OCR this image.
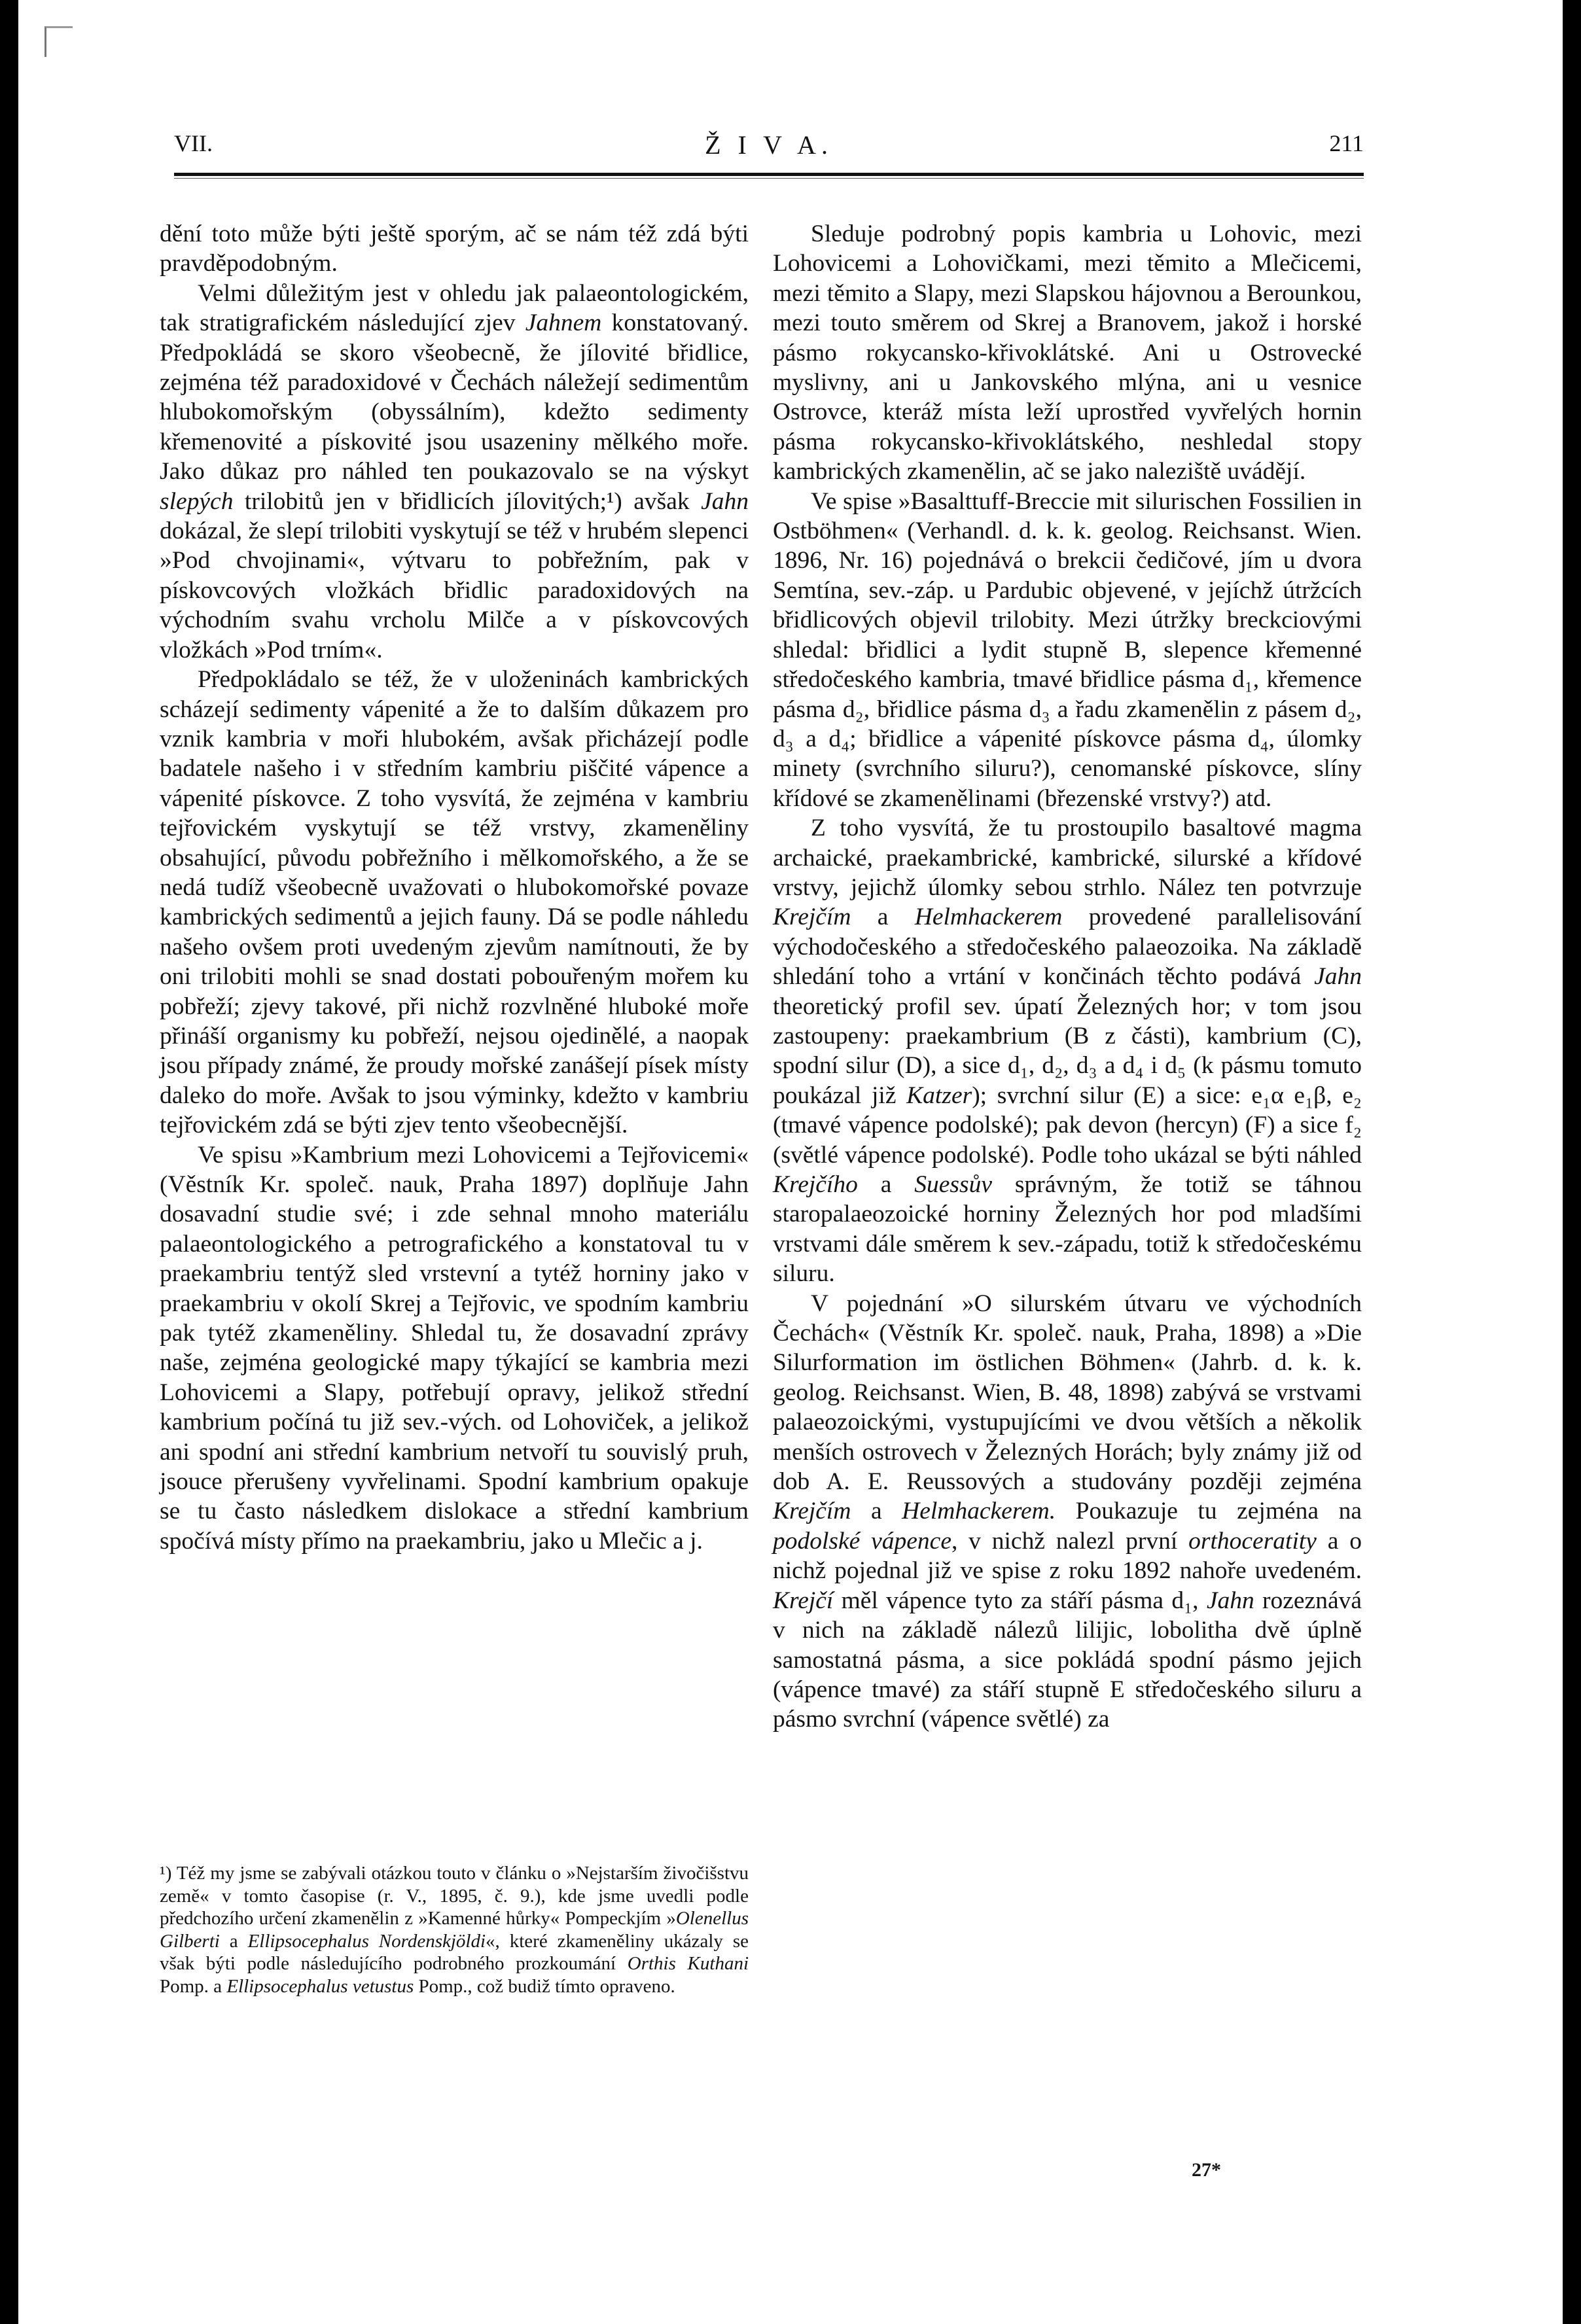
VII.	Ž I V A.	211

dění toto může býti ještě sporým, ač se nám též zdá býti pravděpodobným.

Velmi důležitým jest v ohledu jak palaeontologickém, tak stratigrafickém následující zjev Jahnem konstatovaný. Předpokládá se skoro všeobecně, že jílovité břidlice, zejména též paradoxidové v Čechách náležejí sedimentům hlubokomořským (obyssálním), kdežto sedimenty křemenovité a pískovité jsou usazeniny mělkého moře. Jako důkaz pro náhled ten poukazovalo se na výskyt slepých trilobitů jen v břidlicích jílovitých;¹) avšak Jahn dokázal, že slepí trilobiti vyskytují se též v hrubém slepenci »Pod chvojinami«, výtvaru to pobřežním, pak v pískovcových vložkách břidlic paradoxidových na východním svahu vrcholu Milče a v pískovcových vložkách »Pod trním«.

Předpokládalo se též, že v uloženinách kambrických scházejí sedimenty vápenité a že to dalším důkazem pro vznik kambria v moři hlubokém, avšak přicházejí podle badatele našeho i v středním kambriu piščité vápence a vápenité pískovce. Z toho vysvítá, že zejména v kambriu tejřovickém vyskytují se též vrstvy, zkameněliny obsahující, původu pobřežního i mělkomořského, a že se nedá tudíž všeobecně uvažovati o hlubokomořské povaze kambrických sedimentů a jejich fauny. Dá se podle náhledu našeho ovšem proti uvedeným zjevům namítnouti, že by oni trilobiti mohli se snad dostati pobouřeným mořem ku pobřeží; zjevy takové, při nichž rozvlněné hluboké moře přináší organismy ku pobřeží, nejsou ojedinělé, a naopak jsou případy známé, že proudy mořské zanášejí písek místy daleko do moře. Avšak to jsou výminky, kdežto v kambriu tejřovickém zdá se býti zjev tento všeobecnější.

Ve spisu »Kambrium mezi Lohovicemi a Tejřovicemi« (Věstník Kr. společ. nauk, Praha 1897) doplňuje Jahn dosavadní studie své; i zde sehnal mnoho materiálu palaeontologického a petrografického a konstatoval tu v praekambriu tentýž sled vrstevní a tytéž horniny jako v praekambriu v okolí Skrej a Tejřovic, ve spodním kambriu pak tytéž zkameněliny. Shledal tu, že dosavadní zprávy naše, zejména geologické mapy týkající se kambria mezi Lohovicemi a Slapy, potřebují opravy, jelikož střední kambrium počíná tu již sev.-vých. od Lohoviček, a jelikož ani spodní ani střední kambrium netvoří tu souvislý pruh, jsouce přerušeny vyvřelinami. Spodní kambrium opakuje se tu často následkem dislokace a střední kambrium spočívá místy přímo na praekambriu, jako u Mlečic a j.

¹) Též my jsme se zabývali otázkou touto v článku o »Nejstarším živočišstvu země« v tomto časopise (r. V., 1895, č. 9.), kde jsme uvedli podle předchozího určení zkamenělin z »Kamenné hůrky« Pompeckjím »Olenellus Gilberti a Ellipsocephalus Nordenskjöldi«, které zkameněliny ukázaly se však býti podle následujícího podrobného prozkoumání Orthis Kuthani Pomp. a Ellipsocephalus vetustus Pomp., což budiž tímto opraveno.

Sleduje podrobný popis kambria u Lohovic, mezi Lohovicemi a Lohovičkami, mezi těmito a Mlečicemi, mezi těmito a Slapy, mezi Slapskou hájovnou a Berounkou, mezi touto směrem od Skrej a Branovem, jakož i horské pásmo rokycansko-křivoklátské. Ani u Ostrovecké myslivny, ani u Jankovského mlýna, ani u vesnice Ostrovce, kteráž místa leží uprostřed vyvřelých hornin pásma rokycansko-křivoklátského, neshledal stopy kambrických zkamenělin, ač se jako naleziště uvádějí.

Ve spise »Basalttuff-Breccie mit silurischen Fossilien in Ostböhmen« (Verhandl. d. k. k. geolog. Reichsanst. Wien. 1896, Nr. 16) pojednává o brekcii čedičové, jím u dvora Semtína, sev.-záp. u Pardubic objevené, v jejíchž útržcích břidlicových objevil trilobity. Mezi útržky breckciovými shledal: břidlici a lydit stupně B, slepence křemenné středočeského kambria, tmavé břidlice pásma d₁, křemence pásma d₂, břidlice pásma d₃ a řadu zkamenělin z pásem d₂, d₃ a d₄; břidlice a vápenité pískovce pásma d₄, úlomky minety (svrchního siluru?), cenomanské pískovce, slíny křídové se zkamenělinami (březenské vrstvy?) atd.

Z toho vysvítá, že tu prostoupilo basaltové magma archaické, praekambrické, kambrické, silurské a křídové vrstvy, jejichž úlomky sebou strhlo. Nález ten potvrzuje Krejčím a Helmhackerem provedené parallelisování východočeského a středočeského palaeozoika. Na základě shledání toho a vrtání v končinách těchto podává Jahn theoretický profil sev. úpatí Železných hor; v tom jsou zastoupeny: praekambrium (B z části), kambrium (C), spodní silur (D), a sice d₁, d₂, d₃ a d₄ i d₅ (k pásmu tomuto poukázal již Katzer); svrchní silur (E) a sice: e₁α e₁β, e₂ (tmavé vápence podolské); pak devon (hercyn) (F) a sice f₂ (světlé vápence podolské). Podle toho ukázal se býti náhled Krejčího a Suessův správným, že totiž se táhnou staropalaeozoické horniny Železných hor pod mladšími vrstvami dále směrem k sev.-západu, totiž k středočeskému siluru.

V pojednání »O silurském útvaru ve východních Čechách« (Věstník Kr. společ. nauk, Praha, 1898) a »Die Silurformation im östlichen Böhmen« (Jahrb. d. k. k. geolog. Reichsanst. Wien, B. 48, 1898) zabývá se vrstvami palaeozoickými, vystupujícími ve dvou větších a několik menších ostrovech v Železných Horách; byly známy již od dob A. E. Reussových a studovány později zejména Krejčím a Helmhackerem. Poukazuje tu zejména na podolské vápence, v nichž nalezl první orthoceratity a o nichž pojednal již ve spise z roku 1892 nahoře uvedeném. Krejčí měl vápence tyto za stáří pásma d₁, Jahn rozeznává v nich na základě nálezů lilijic, lobolitha dvě úplně samostatná pásma, a sice pokládá spodní pásmo jejich (vápence tmavé) za stáří stupně E středočeského siluru a pásmo svrchní (vápence světlé) za

27*
